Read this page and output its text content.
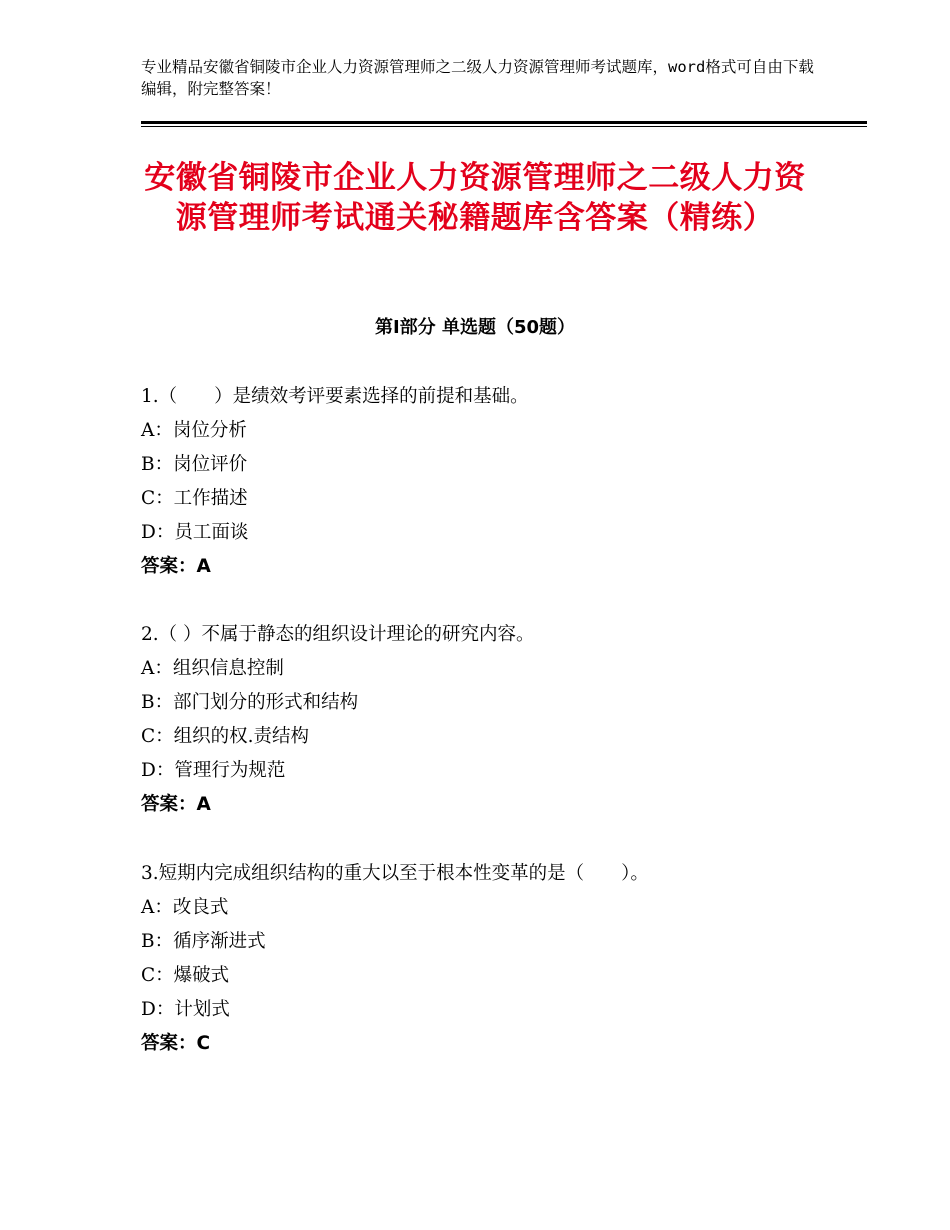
专业精品安徽省铜陵市企业人力资源管理师之二级人力资源管理师考试题库，word格式可自由下载编辑，附完整答案！
安徽省铜陵市企业人力资源管理师之二级人力资源管理师考试通关秘籍题库含答案（精练）
第Ⅰ部分 单选题（50题）
1.（　　）是绩效考评要素选择的前提和基础。
A：岗位分析
B：岗位评价
C：工作描述
D：员工面谈
答案：A
2.（ ）不属于静态的组织设计理论的研究内容。
A：组织信息控制
B：部门划分的形式和结构
C：组织的权.责结构
D：管理行为规范
答案：A
3.短期内完成组织结构的重大以至于根本性变革的是（　　）。
A：改良式
B：循序渐进式
C：爆破式
D：计划式
答案：C
